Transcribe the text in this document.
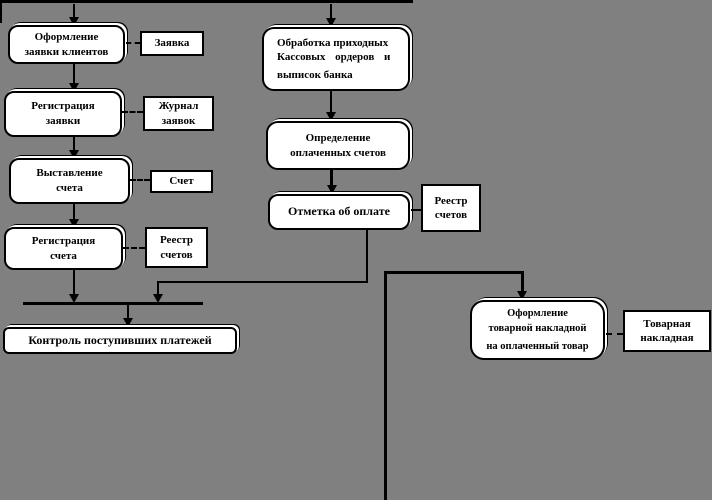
Оформление
заявки клиентов
Заявка
Регистрация
заявки
Журнал
заявок
Выставление
счета
Счет
Регистрация
счета
Реестр
счетов
Контроль поступивших платежей
Обработка приходных
Кассовых ордеров и
выписок банка
Определение
оплаченных счетов
Отметка об оплате
Реестр
счетов
Оформление
товарной накладной
на оплаченный товар
Товарная
накладная
